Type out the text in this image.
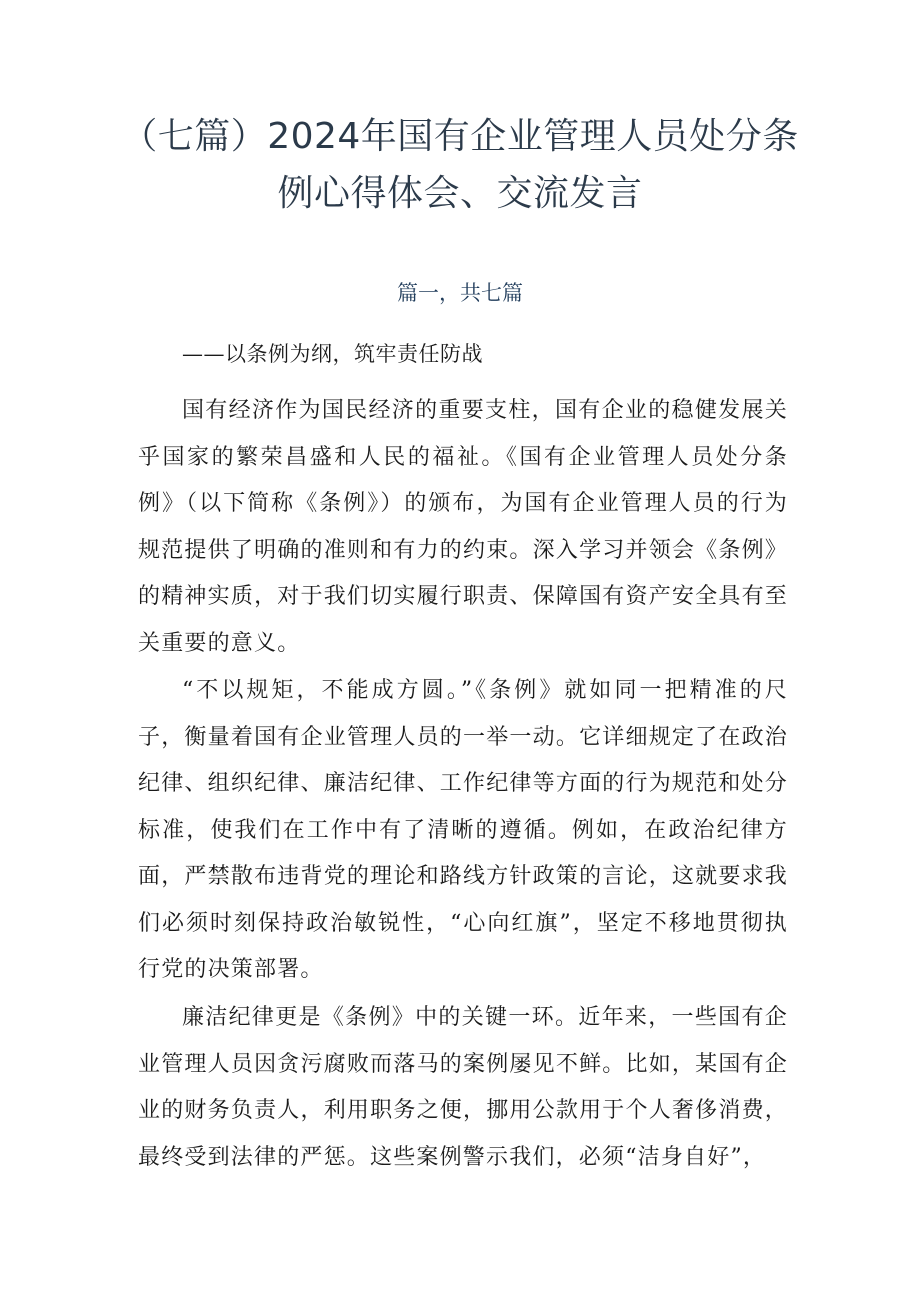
（七篇）2024年国有企业管理人员处分条
例心得体会、交流发言
篇一，共七篇
——以条例为纲，筑牢责任防战

国有经济作为国民经济的重要支柱，国有企业的稳健发展关乎国家的繁荣昌盛和人民的福祉。《国有企业管理人员处分条例》（以下简称《条例》）的颁布，为国有企业管理人员的行为规范提供了明确的准则和有力的约束。深入学习并领会《条例》的精神实质，对于我们切实履行职责、保障国有资产安全具有至关重要的意义。

“不以规矩，不能成方圆。”《条例》就如同一把精准的尺子，衡量着国有企业管理人员的一举一动。它详细规定了在政治纪律、组织纪律、廉洁纪律、工作纪律等方面的行为规范和处分标准，使我们在工作中有了清晰的遵循。例如，在政治纪律方面，严禁散布违背党的理论和路线方针政策的言论，这就要求我们必须时刻保持政治敏锐性，“心向红旗”，坚定不移地贯彻执行党的决策部署。

廉洁纪律更是《条例》中的关键一环。近年来，一些国有企业管理人员因贪污腐败而落马的案例屡见不鲜。比如，某国有企业的财务负责人，利用职务之便，挪用公款用于个人奢侈消费，最终受到法律的严惩。这些案例警示我们，必须“洁身自好”，
